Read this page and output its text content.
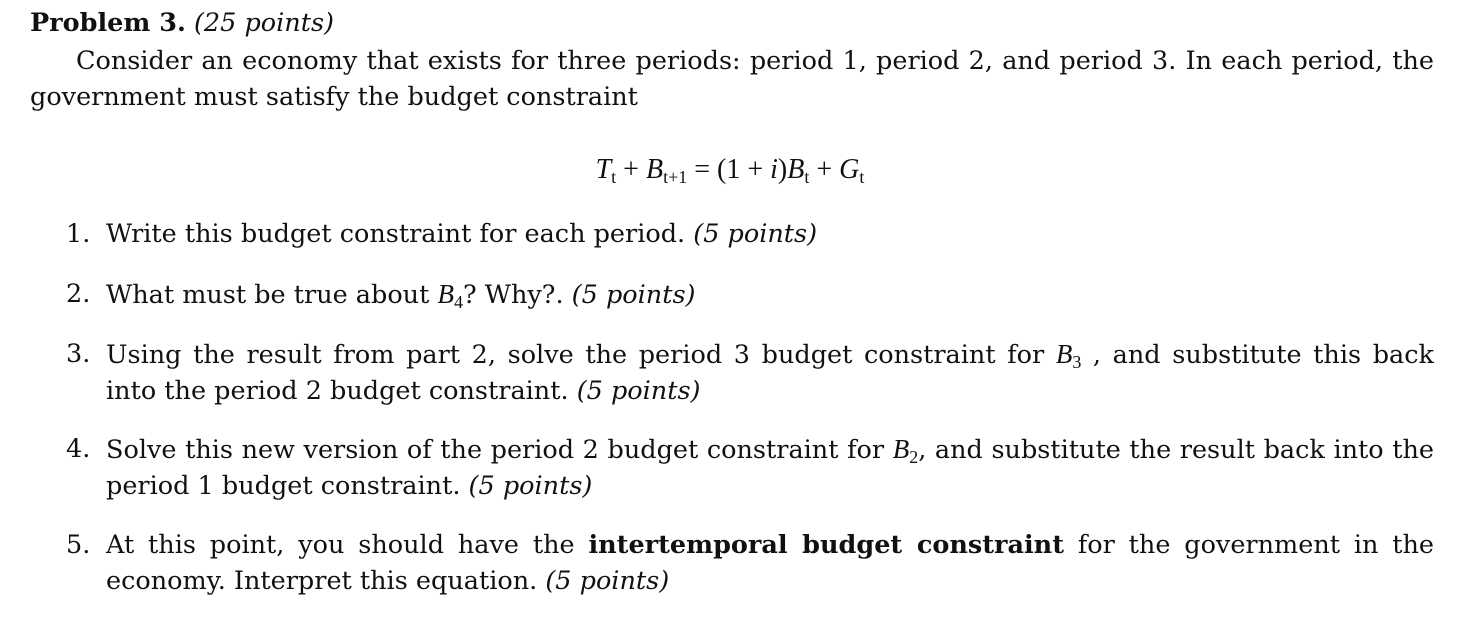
Problem 3. (25 points)
Consider an economy that exists for three periods: period 1, period 2, and period 3. In each period, the
government must satisfy the budget constraint
$T_t + B_{t+1} = (1 + i)B_t + G_t$
1. Write this budget constraint for each period. (5 points)
2. What must be true about $B_4$? Why?. (5 points)
3. Using the result from part 2, solve the period 3 budget constraint for $B_3$ , and substitute this back
into the period 2 budget constraint. (5 points)
4. Solve this new version of the period 2 budget constraint for $B_2$, and substitute the result back into the
period 1 budget constraint. (5 points)
5. At this point, you should have the intertemporal budget constraint for the government in the
economy. Interpret this equation. (5 points)
